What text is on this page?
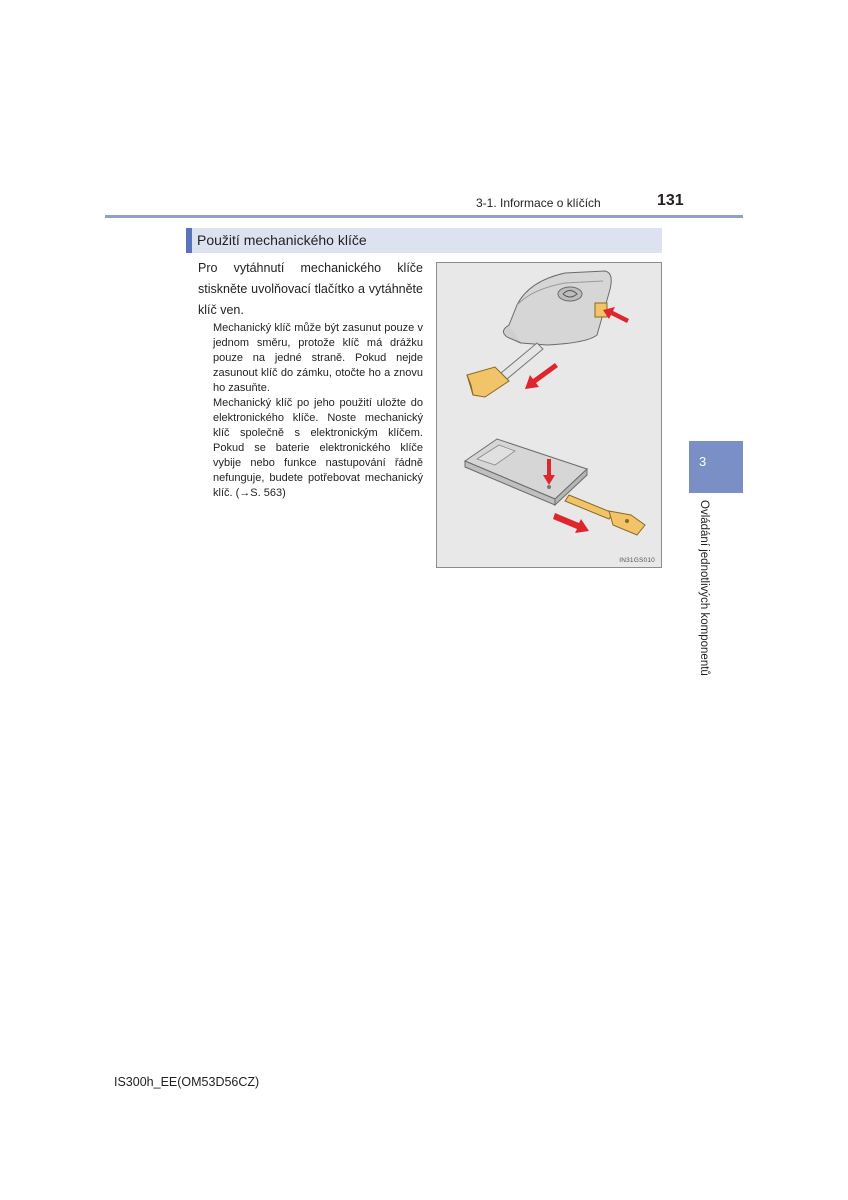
3-1. Informace o klíčích	131
Použití mechanického klíče

Pro vytáhnutí mechanického klíče stiskněte uvolňovací tlačítko a vytáhněte klíč ven.

Mechanický klíč může být zasunut pouze v jednom směru, protože klíč má drážku pouze na jedné straně. Pokud nejde zasunout klíč do zámku, otočte ho a znovu ho zasuňte.

Mechanický klíč po jeho použití uložte do elektronického klíče. Noste mechanický klíč společně s elektronickým klíčem. Pokud se baterie elektronického klíče vybije nebo funkce nastupování řádně nefunguje, budete potřebovat mechanický klíč. (→S. 563)

IN31GS010
3
Ovládání jednotlivých komponentů
IS300h_EE(OM53D56CZ)
